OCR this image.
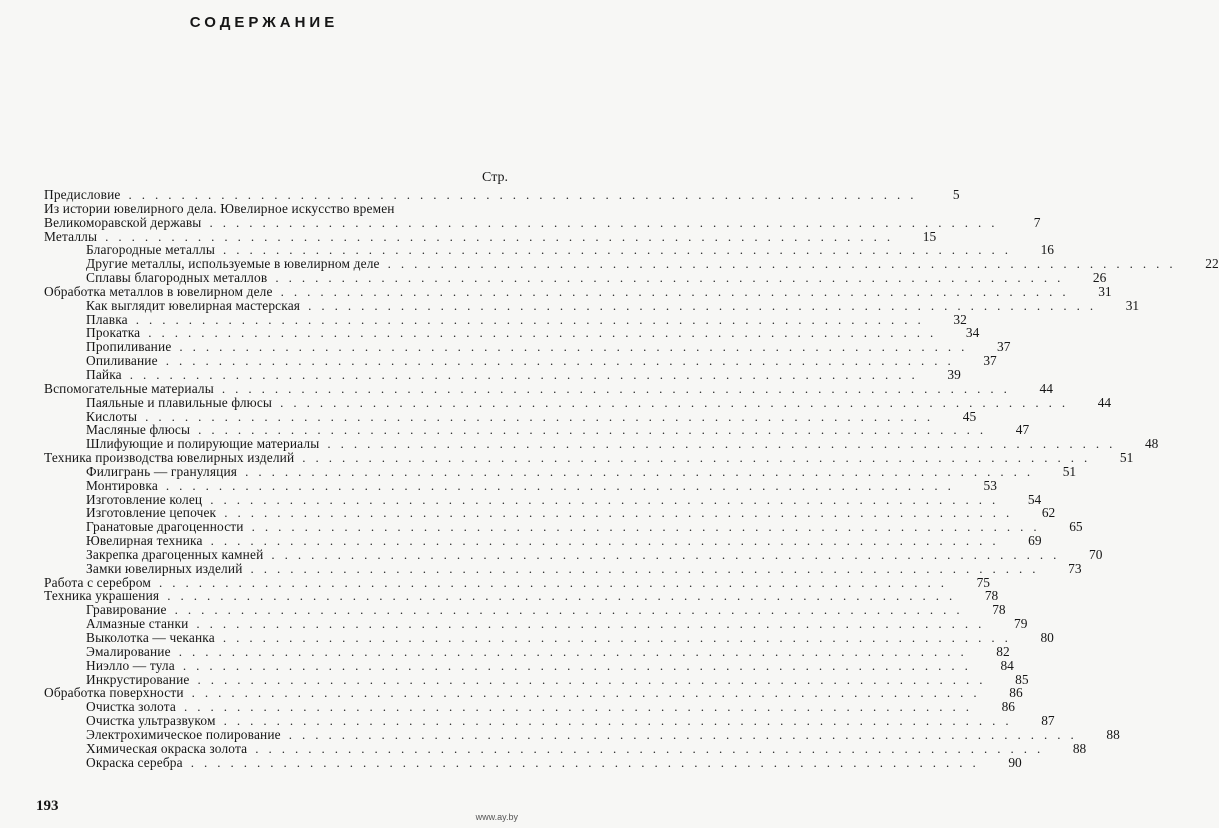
СОДЕРЖАНИЕ
Стр.
Предисловие ............................................................	5
Из истории ювелирного дела. Ювелирное искусство времен
Великоморавской державы ............................................................	7
Металлы ............................................................	15
Благородные металлы ............................................................	16
Другие металлы, используемые в ювелирном деле ............................................................	22
Сплавы благородных металлов ............................................................	26
Обработка металлов в ювелирном деле ............................................................	31
Как выглядит ювелирная мастерская ............................................................	31
Плавка ............................................................	32
Прокатка ............................................................	34
Пропиливание ............................................................	37
Опиливание ............................................................	37
Пайка ............................................................	39
Вспомогательные материалы ............................................................	44
Паяльные и плавильные флюсы ............................................................	44
Кислоты ............................................................	45
Масляные флюсы ............................................................	47
Шлифующие и полирующие материалы ............................................................	48
Техника производства ювелирных изделий ............................................................	51
Филигрань — грануляция ............................................................	51
Монтировка ............................................................	53
Изготовление колец ............................................................	54
Изготовление цепочек ............................................................	62
Гранатовые драгоценности ............................................................	65
Ювелирная техника ............................................................	69
Закрепка драгоценных камней ............................................................	70
Замки ювелирных изделий ............................................................	73
Работа с серебром ............................................................	75
Техника украшения ............................................................	78
Гравирование ............................................................	78
Алмазные станки ............................................................	79
Выколотка — чеканка ............................................................	80
Эмалирование ............................................................	82
Ниэлло — тула ............................................................	84
Инкрустирование ............................................................	85
Обработка поверхности ............................................................	86
Очистка золота ............................................................	86
Очистка ультразвуком ............................................................	87
Электрохимическое полирование ............................................................	88
Химическая окраска золота ............................................................	88
Окраска серебра ............................................................	90
193
www.ay.by
